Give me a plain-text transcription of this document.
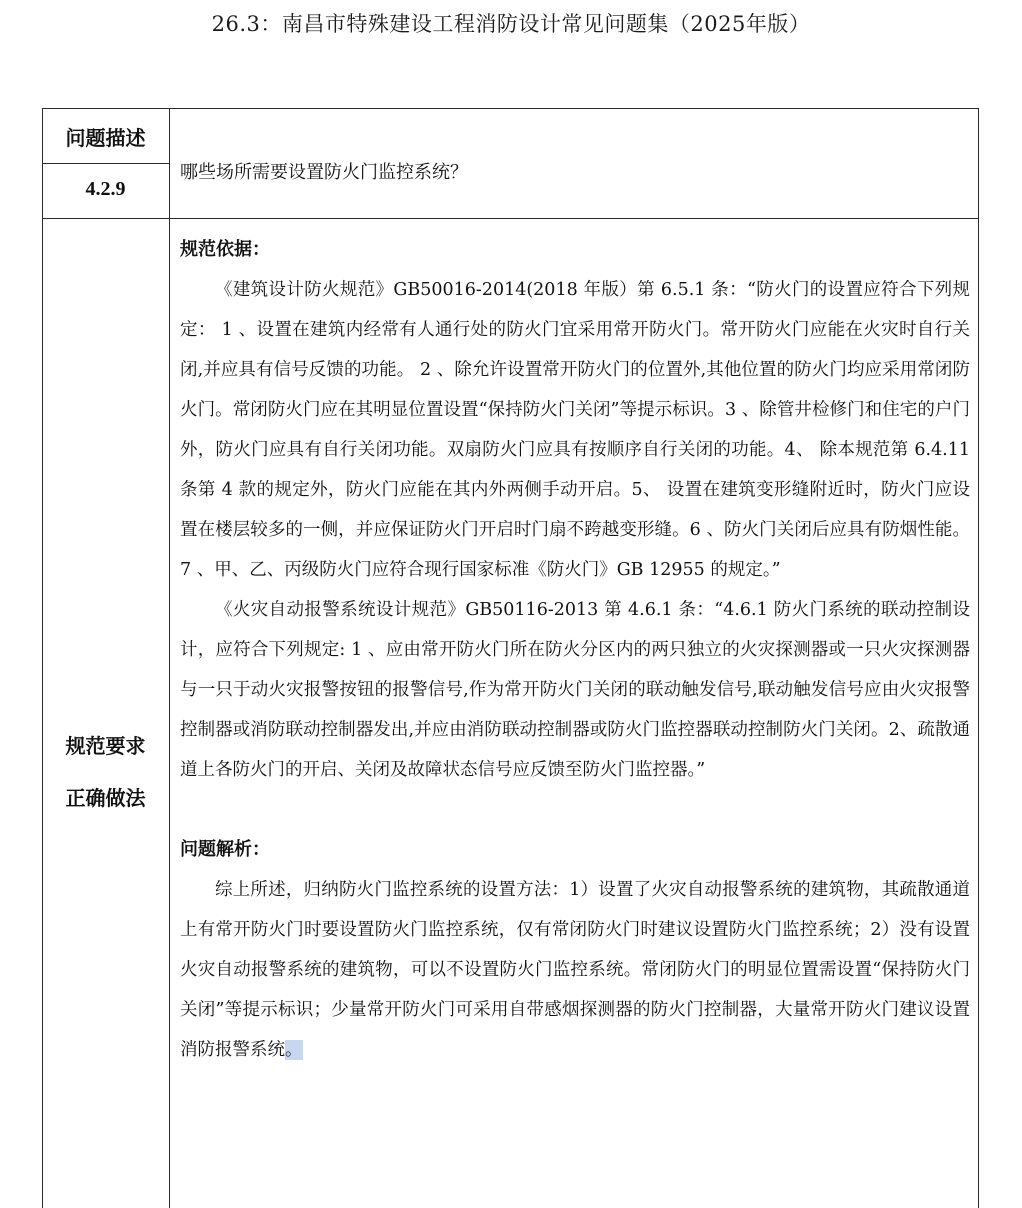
26.3：南昌市特殊建设工程消防设计常见问题集（2025年版）
问题描述
4.2.9
规范要求
正确做法
哪些场所需要设置防火门监控系统？

规范依据：

《建筑设计防火规范》GB50016-2014(2018 年版）第 6.5.1 条：“防火门的设置应符合下列规定： 1 、设置在建筑内经常有人通行处的防火门宜采用常开防火门。常开防火门应能在火灾时自行关闭,并应具有信号反馈的功能。 2 、除允许设置常开防火门的位置外,其他位置的防火门均应采用常闭防火门。常闭防火门应在其明显位置设置“保持防火门关闭”等提示标识。3 、除管井检修门和住宅的户门外，防火门应具有自行关闭功能。双扇防火门应具有按顺序自行关闭的功能。4、 除本规范第 6.4.11 条第 4 款的规定外，防火门应能在其内外两侧手动开启。5、 设置在建筑变形缝附近时，防火门应设置在楼层较多的一侧，并应保证防火门开启时门扇不跨越变形缝。6 、防火门关闭后应具有防烟性能。7 、甲、乙、丙级防火门应符合现行国家标准《防火门》GB 12955 的规定。”

《火灾自动报警系统设计规范》GB50116-2013 第 4.6.1 条：“4.6.1 防火门系统的联动控制设计，应符合下列规定: 1 、应由常开防火门所在防火分区内的两只独立的火灾探测器或一只火灾探测器与一只于动火灾报警按钮的报警信号,作为常开防火门关闭的联动触发信号,联动触发信号应由火灾报警控制器或消防联动控制器发出,并应由消防联动控制器或防火门监控器联动控制防火门关闭。2、疏散通道上各防火门的开启、关闭及故障状态信号应反馈至防火门监控器。”

问题解析：

综上所述，归纳防火门监控系统的设置方法：1）设置了火灾自动报警系统的建筑物，其疏散通道上有常开防火门时要设置防火门监控系统，仅有常闭防火门时建议设置防火门监控系统；2）没有设置火灾自动报警系统的建筑物，可以不设置防火门监控系统。常闭防火门的明显位置需设置“保持防火门关闭”等提示标识；少量常开防火门可采用自带感烟探测器的防火门控制器，大量常开防火门建议设置消防报警系统。
